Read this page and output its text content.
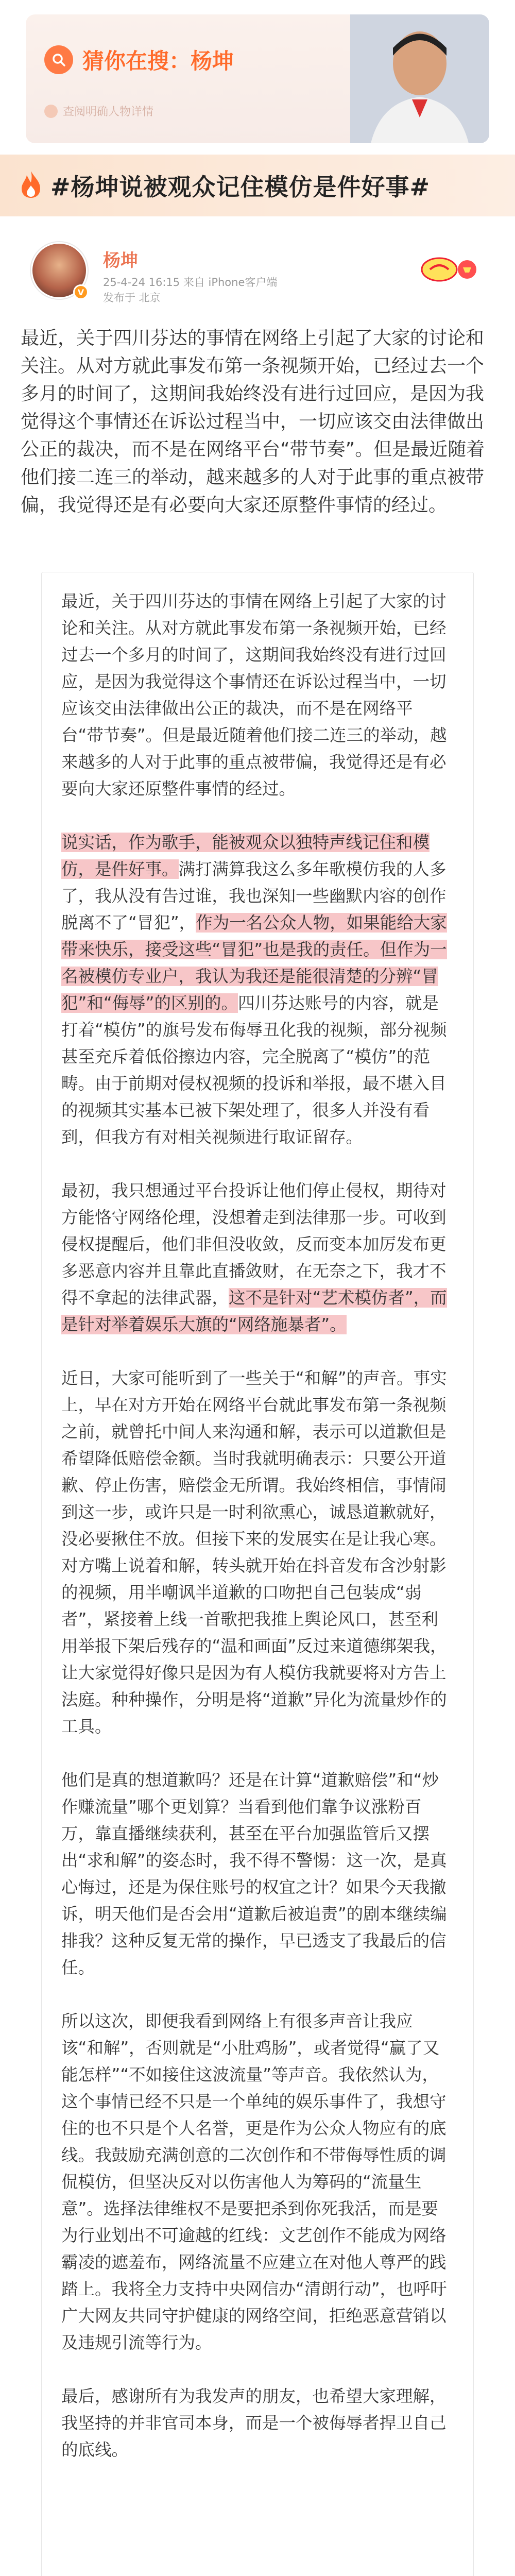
猜你在搜：杨坤
查阅明确人物详情
#杨坤说被观众记住模仿是件好事#
V
杨坤
25-4-24 16:15 来自 iPhone客户端
发布于 北京
最近，关于四川芬达的事情在网络上引起了大家的讨论和关注。从对方就此事发布第一条视频开始，已经过去一个多月的时间了，这期间我始终没有进行过回应，是因为我觉得这个事情还在诉讼过程当中，一切应该交由法律做出公正的裁决，而不是在网络平台“带节奏”。但是最近随着他们接二连三的举动，越来越多的人对于此事的重点被带偏，我觉得还是有必要向大家还原整件事情的经过。

最近，关于四川芬达的事情在网络上引起了大家的讨论和关注。从对方就此事发布第一条视频开始，已经过去一个多月的时间了，这期间我始终没有进行过回应，是因为我觉得这个事情还在诉讼过程当中，一切应该交由法律做出公正的裁决，而不是在网络平台“带节奏”。但是最近随着他们接二连三的举动，越来越多的人对于此事的重点被带偏，我觉得还是有必要向大家还原整件事情的经过。

说实话，作为歌手，能被观众以独特声线记住和模仿，是件好事。满打满算我这么多年歌模仿我的人多了，我从没有告过谁，我也深知一些幽默内容的创作脱离不了“冒犯”，作为一名公众人物，如果能给大家带来快乐，接受这些“冒犯”也是我的责任。但作为一名被模仿专业户，我认为我还是能很清楚的分辨“冒犯”和“侮辱”的区别的。四川芬达账号的内容，就是打着“模仿”的旗号发布侮辱丑化我的视频，部分视频甚至充斥着低俗擦边内容，完全脱离了“模仿”的范畴。由于前期对侵权视频的投诉和举报，最不堪入目的视频其实基本已被下架处理了，很多人并没有看到，但我方有对相关视频进行取证留存。

最初，我只想通过平台投诉让他们停止侵权，期待对方能恪守网络伦理，没想着走到法律那一步。可收到侵权提醒后，他们非但没收敛，反而变本加厉发布更多恶意内容并且靠此直播敛财，在无奈之下，我才不得不拿起的法律武器，这不是针对“艺术模仿者”，而是针对举着娱乐大旗的“网络施暴者”。

近日，大家可能听到了一些关于“和解”的声音。事实上，早在对方开始在网络平台就此事发布第一条视频之前，就曾托中间人来沟通和解，表示可以道歉但是希望降低赔偿金额。当时我就明确表示：只要公开道歉、停止伤害，赔偿金无所谓。我始终相信，事情闹到这一步，或许只是一时利欲熏心，诚恳道歉就好，没必要揪住不放。但接下来的发展实在是让我心寒。对方嘴上说着和解，转头就开始在抖音发布含沙射影的视频，用半嘲讽半道歉的口吻把自己包装成“弱者”，紧接着上线一首歌把我推上舆论风口，甚至利用举报下架后残存的“温和画面”反过来道德绑架我，让大家觉得好像只是因为有人模仿我就要将对方告上法庭。种种操作，分明是将“道歉”异化为流量炒作的工具。

他们是真的想道歉吗？还是在计算“道歉赔偿”和“炒作赚流量”哪个更划算？当看到他们靠争议涨粉百万，靠直播继续获利，甚至在平台加强监管后又摆出“求和解”的姿态时，我不得不警惕：这一次，是真心悔过，还是为保住账号的权宜之计？如果今天我撤诉，明天他们是否会用“道歉后被追责”的剧本继续编排我？这种反复无常的操作，早已透支了我最后的信任。

所以这次，即便我看到网络上有很多声音让我应该“和解”，否则就是“小肚鸡肠”，或者觉得“赢了又能怎样”“不如接住这波流量”等声音。我依然认为，这个事情已经不只是一个单纯的娱乐事件了，我想守住的也不只是个人名誉，更是作为公众人物应有的底线。我鼓励充满创意的二次创作和不带侮辱性质的调侃模仿，但坚决反对以伤害他人为筹码的“流量生意”。选择法律维权不是要把杀到你死我活，而是要为行业划出不可逾越的红线：文艺创作不能成为网络霸凌的遮羞布，网络流量不应建立在对他人尊严的践踏上。我将全力支持中央网信办“清朗行动”，也呼吁广大网友共同守护健康的网络空间，拒绝恶意营销以及违规引流等行为。

最后，感谢所有为我发声的朋友，也希望大家理解，我坚持的并非官司本身，而是一个被侮辱者捍卫自己的底线。
